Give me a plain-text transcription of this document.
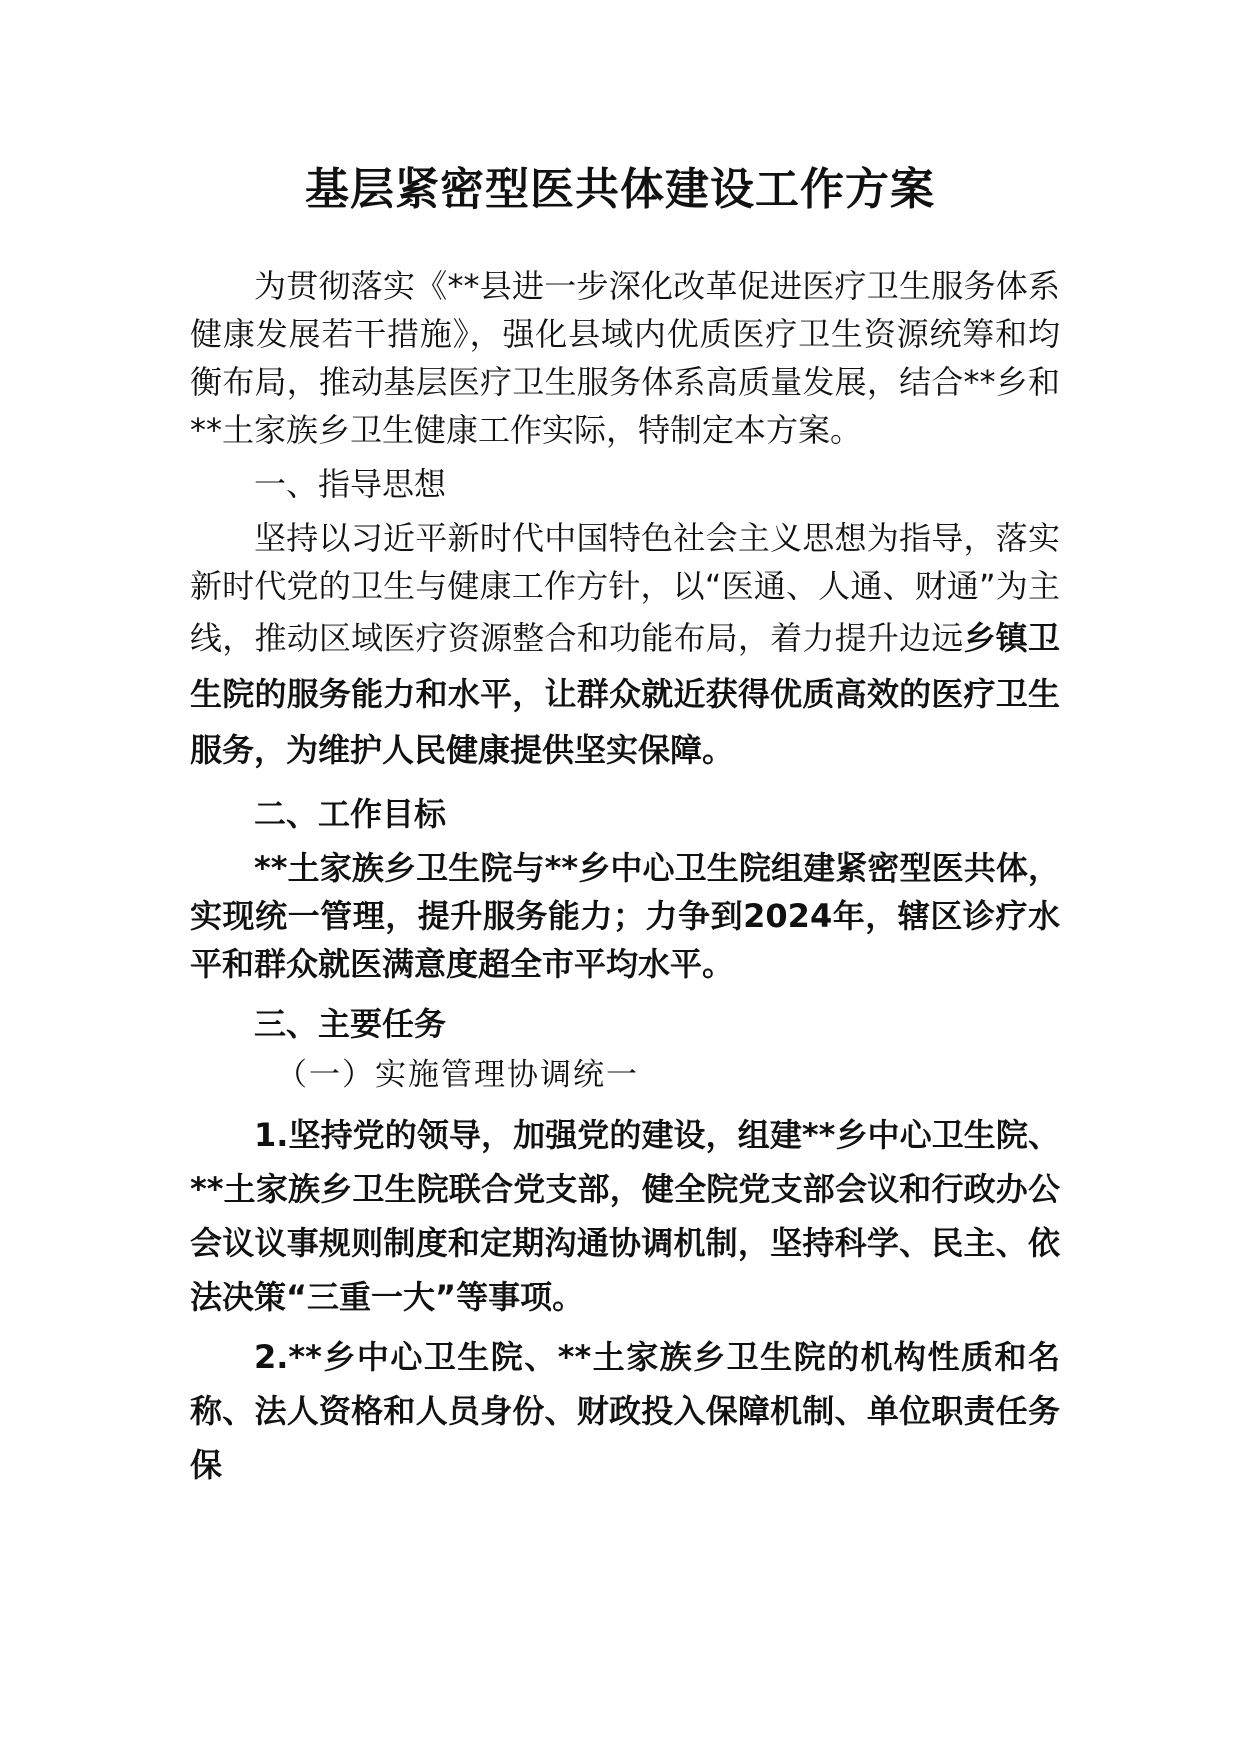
基层紧密型医共体建设工作方案

为贯彻落实《**县进一步深化改革促进医疗卫生服务体系健康发展若干措施》，强化县域内优质医疗卫生资源统筹和均衡布局，推动基层医疗卫生服务体系高质量发展，结合**乡和**土家族乡卫生健康工作实际，特制定本方案。

一、指导思想

坚持以习近平新时代中国特色社会主义思想为指导，落实新时代党的卫生与健康工作方针，以“医通、人通、财通”为主线，推动区域医疗资源整合和功能布局，着力提升边远乡镇卫生院的服务能力和水平，让群众就近获得优质高效的医疗卫生服务，为维护人民健康提供坚实保障。

二、工作目标

**土家族乡卫生院与**乡中心卫生院组建紧密型医共体，实现统一管理，提升服务能力；力争到2024年，辖区诊疗水平和群众就医满意度超全市平均水平。

三、主要任务

（一）实施管理协调统一

1.坚持党的领导，加强党的建设，组建**乡中心卫生院、**土家族乡卫生院联合党支部，健全院党支部会议和行政办公会议议事规则制度和定期沟通协调机制，坚持科学、民主、依法决策“三重一大”等事项。

2.**乡中心卫生院、**土家族乡卫生院的机构性质和名称、法人资格和人员身份、财政投入保障机制、单位职责任务保
